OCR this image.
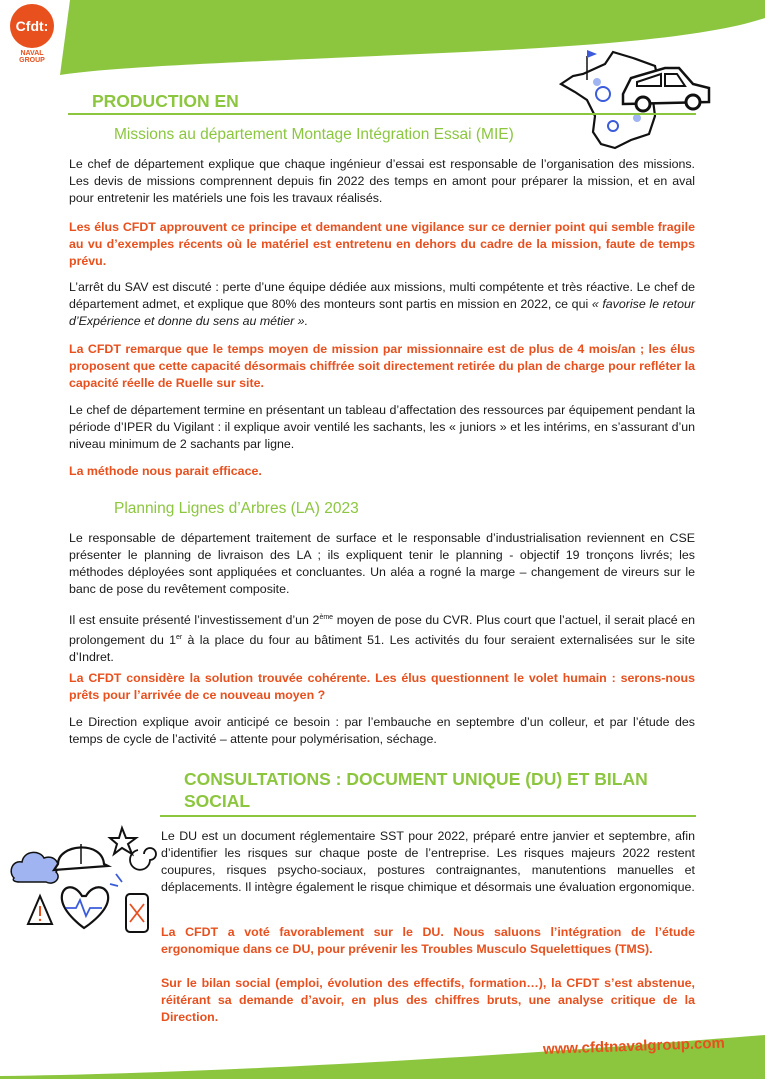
Cfdt:
NAVAL GROUP
PRODUCTION EN
Missions au département Montage Intégration Essai (MIE)

Le chef de département explique que chaque ingénieur d’essai est responsable de l’organisation des missions. Les devis de missions comprennent depuis fin 2022 des temps en amont pour préparer la mission, et en aval pour entretenir les matériels une fois les travaux réalisés.

Les élus CFDT approuvent ce principe et demandent une vigilance sur ce dernier point qui semble fragile au vu d’exemples récents où le matériel est entretenu en dehors du cadre de la mission, faute de temps prévu.

L’arrêt du SAV est discuté : perte d’une équipe dédiée aux missions, multi compétente et très réactive. Le chef de département admet, et explique que 80% des monteurs sont partis en mission en 2022, ce qui « favorise le retour d’Expérience et donne du sens au métier ».

La CFDT remarque que le temps moyen de mission par missionnaire est de plus de 4 mois/an ; les élus proposent que cette capacité désormais chiffrée soit directement retirée du plan de charge pour refléter la capacité réelle de Ruelle sur site.

Le chef de département termine en présentant un tableau d’affectation des ressources par équipement pendant la période d’IPER du Vigilant : il explique avoir ventilé les sachants, les « juniors » et les intérims, en s’assurant d’un niveau minimum de 2 sachants par ligne.

La méthode nous parait efficace.

Planning Lignes d’Arbres (LA) 2023

Le responsable de département traitement de surface et le responsable d’industrialisation reviennent en CSE présenter le planning de livraison des LA ; ils expliquent tenir le planning - objectif 19 tronçons livrés; les méthodes déployées sont appliquées et concluantes. Un aléa a rogné la marge – changement de vireurs sur le banc de pose du revêtement composite.

Il est ensuite présenté l’investissement d’un 2ème moyen de pose du CVR. Plus court que l’actuel, il serait placé en prolongement du 1er à la place du four au bâtiment 51. Les activités du four seraient externalisées sur le site d’Indret.

La CFDT considère la solution trouvée cohérente. Les élus questionnent le volet humain : serons-nous prêts pour l’arrivée de ce nouveau moyen ?

Le Direction explique avoir anticipé ce besoin : par l’embauche en septembre d’un colleur, et par l’étude des temps de cycle de l’activité – attente pour polymérisation, séchage.

CONSULTATIONS : DOCUMENT UNIQUE (DU) ET BILAN
SOCIAL

Le DU est un document réglementaire SST pour 2022, préparé entre janvier et septembre, afin d’identifier les risques sur chaque poste de l’entreprise. Les risques majeurs 2022 restent coupures, risques psycho-sociaux, postures contraignantes, manutentions manuelles et déplacements. Il intègre également le risque chimique et désormais une évaluation ergonomique.

La CFDT a voté favorablement sur le DU. Nous saluons l’intégration de l’étude ergonomique dans ce DU, pour prévenir les Troubles Musculo Squelettiques (TMS).

Sur le bilan social (emploi, évolution des effectifs, formation…), la CFDT s’est abstenue, réitérant sa demande d’avoir, en plus des chiffres bruts, une analyse critique de la Direction.

www.cfdtnavalgroup.com
